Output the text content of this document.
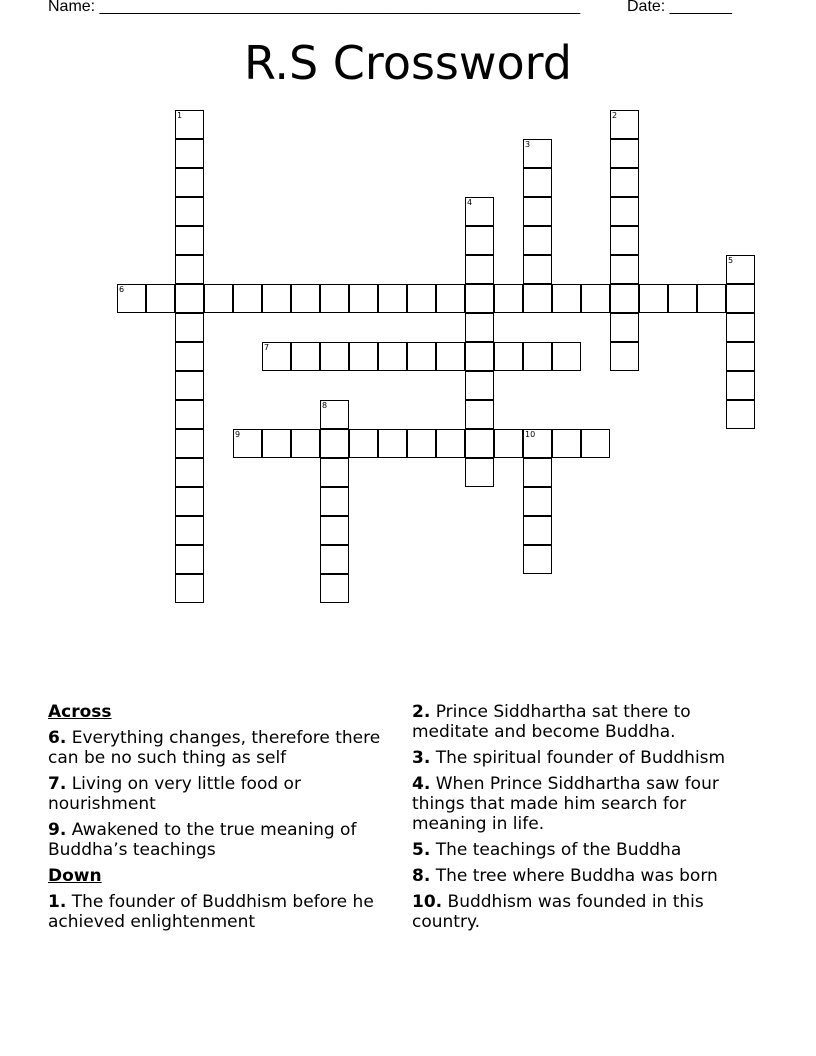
Name: ______________________________________________________	Date: _______
R.S Crossword
1	2
3
4
5
6
7
8
9	10
Across
6. Everything changes, therefore there can be no such thing as self
7. Living on very little food or nourishment
9. Awakened to the true meaning of Buddha’s teachings
Down
1. The founder of Buddhism before he achieved enlightenment
2. Prince Siddhartha sat there to meditate and become Buddha.
3. The spiritual founder of Buddhism
4. When Prince Siddhartha saw four things that made him search for meaning in life.
5. The teachings of the Buddha
8. The tree where Buddha was born
10. Buddhism was founded in this country.
